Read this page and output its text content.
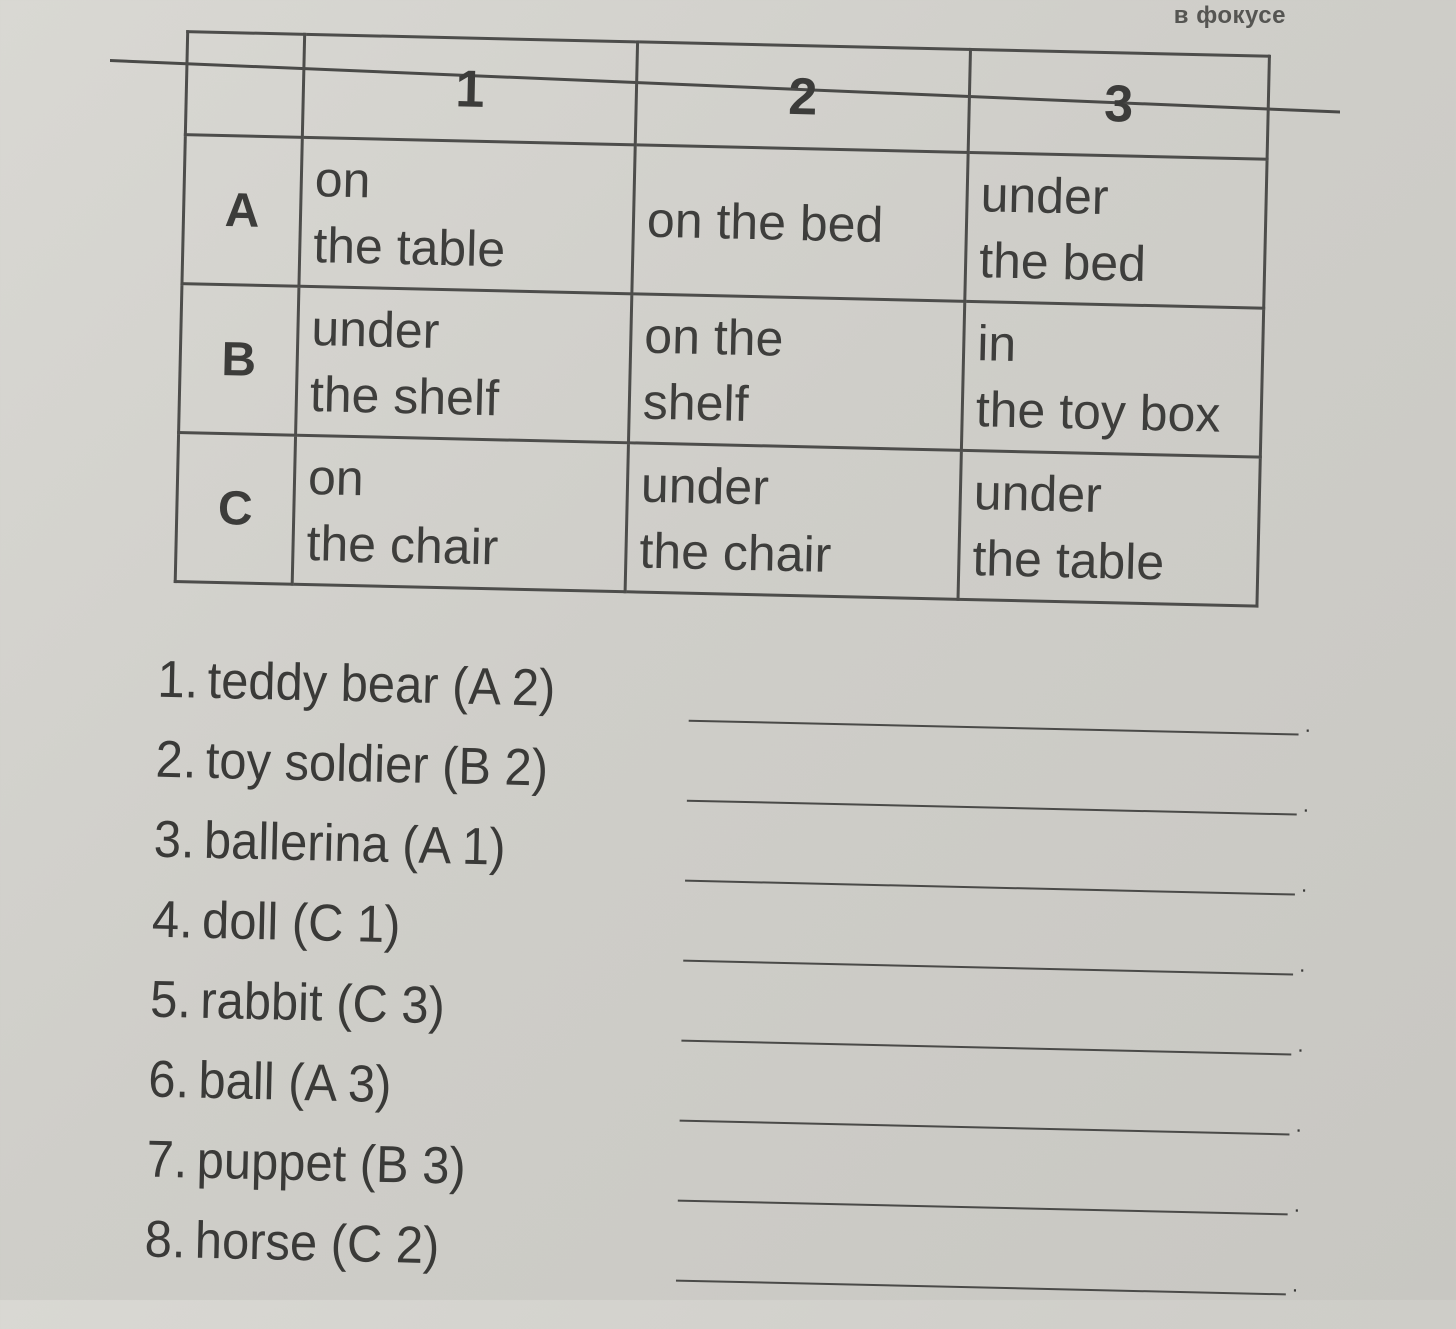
в фокусе
	1	2	3
A	on
the table	on the bed	under
the bed

B	under
the shelf	on the
shelf	in
the toy box

C	on
the chair	under
the chair	under
the table
1. teddy bear (A 2)
.
2. toy soldier (B 2)
.
3. ballerina (A 1)
.
4. doll (C 1)
.
5. rabbit (C 3)
.
6. ball (A 3)
.
7. puppet (B 3)
.
8. horse (C 2)
.
